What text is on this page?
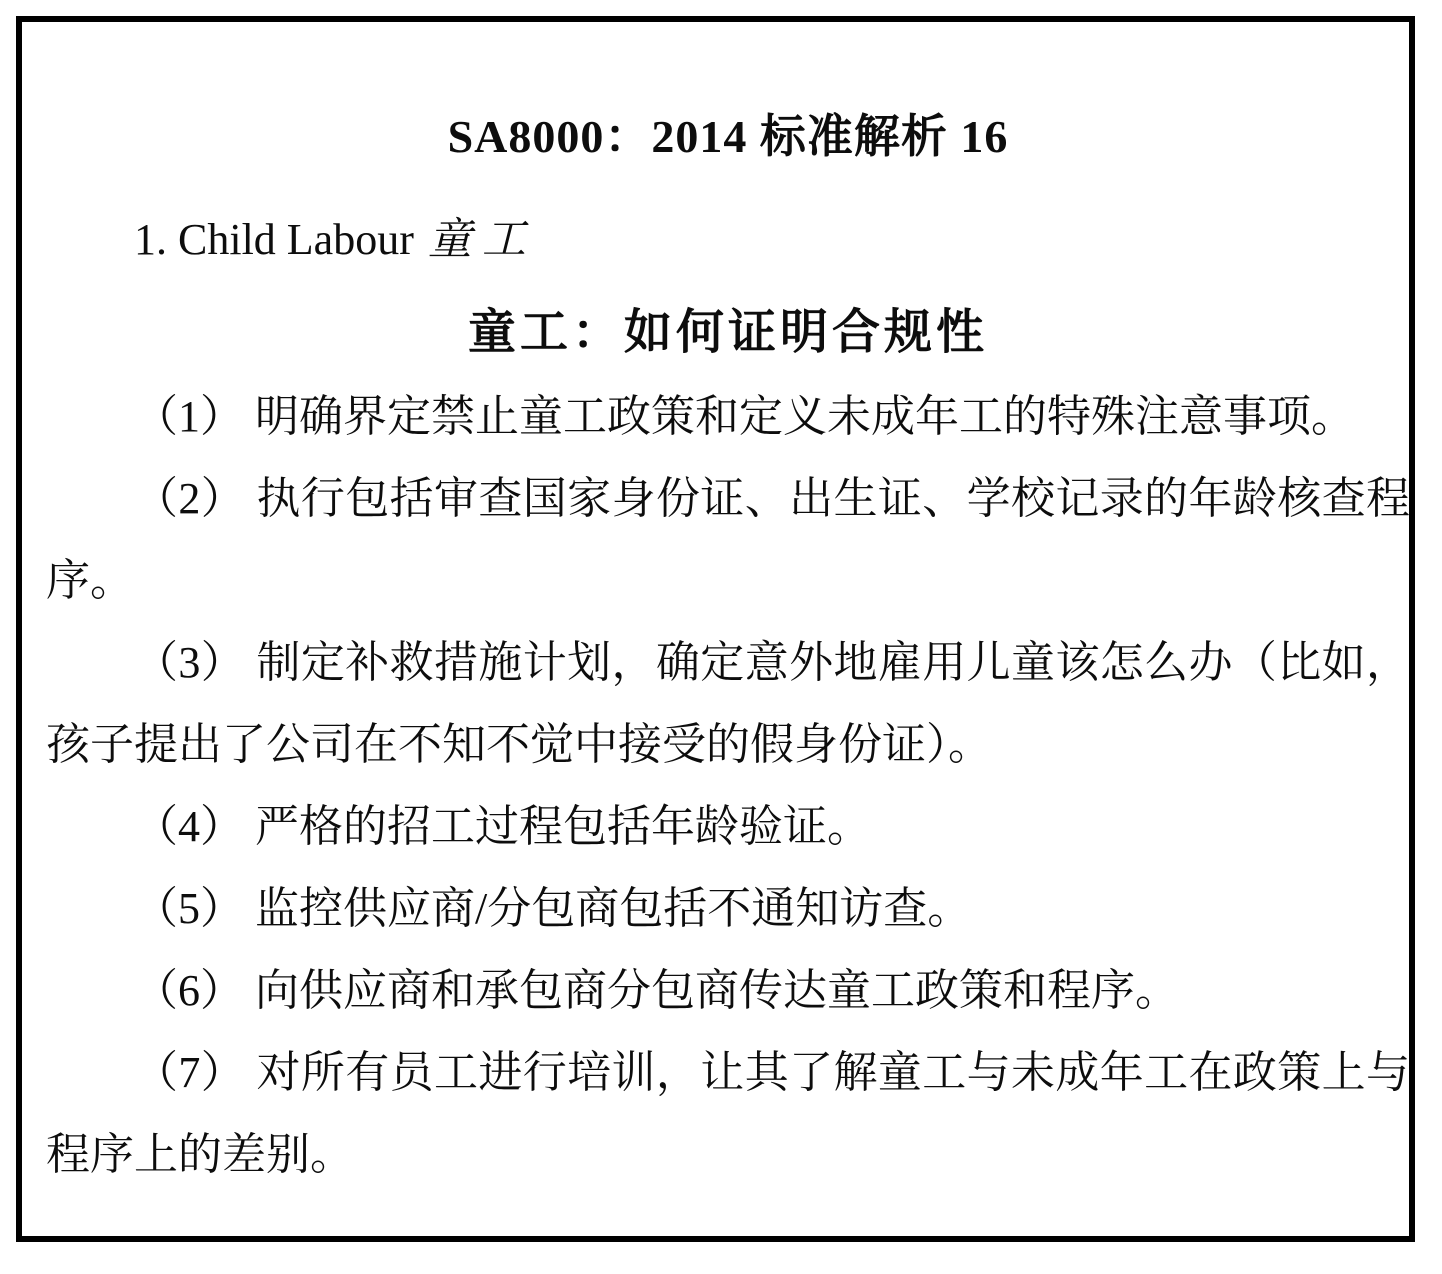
SA8000：2014 标准解析 16
1. Child Labour 童工
童工：如何证明合规性

（1） 明确界定禁止童工政策和定义未成年工的特殊注意事项。

（2） 执行包括审查国家身份证、出生证、学校记录的年龄核查程序。

（3） 制定补救措施计划，确定意外地雇用儿童该怎么办（比如，孩子提出了公司在不知不觉中接受的假身份证）。

（4） 严格的招工过程包括年龄验证。

（5） 监控供应商/分包商包括不通知访查。

（6） 向供应商和承包商分包商传达童工政策和程序。

（7） 对所有员工进行培训，让其了解童工与未成年工在政策上与程序上的差别。
